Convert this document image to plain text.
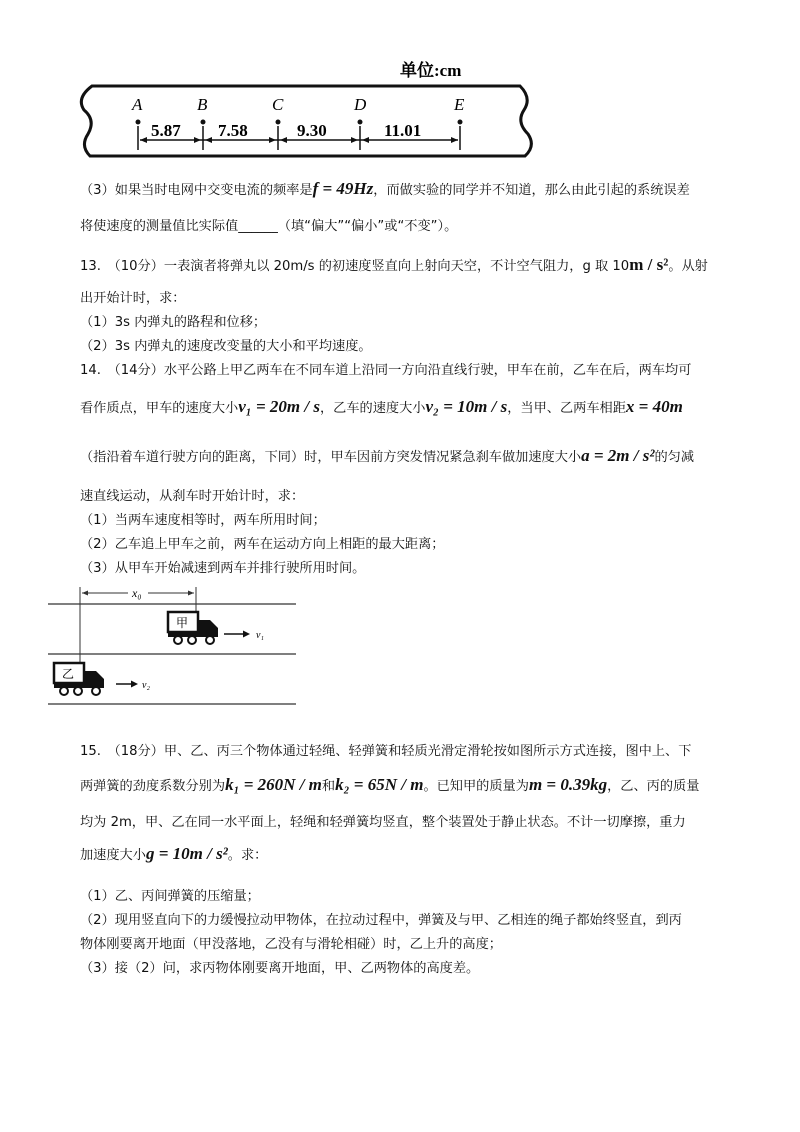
单位:cm
A	B	C	D	E
5.87 7.58	9.30	11.01
（3）如果当时电网中交变电流的频率是f = 49Hz，而做实验的同学并不知道，那么由此引起的系统误差
将使速度的测量值比实际值______（填“偏大”“偏小”或“不变”）。
13.　（10分）一表演者将弹丸以 20m/s 的初速度竖直向上射向天空，不计空气阻力，g 取 10m / s²。从射
出开始计时，求：
（1）3s 内弹丸的路程和位移；
（2）3s 内弹丸的速度改变量的大小和平均速度。
14.　（14分）水平公路上甲乙两车在不同车道上沿同一方向沿直线行驶，甲车在前，乙车在后，两车均可
看作质点，甲车的速度大小v₁ = 20m / s，乙车的速度大小v₂ = 10m / s，当甲、乙两车相距x = 40m
（指沿着车道行驶方向的距离，下同）时，甲车因前方突发情况紧急刹车做加速度大小a = 2m / s²的匀减
速直线运动，从刹车时开始计时，求：
（1）当两车速度相等时，两车所用时间；
（2）乙车追上甲车之前，两车在运动方向上相距的最大距离；
（3）从甲车开始减速到两车并排行驶所用时间。
x₀
甲
v₁
乙
v₂
15.　（18分）甲、乙、丙三个物体通过轻绳、轻弹簧和轻质光滑定滑轮按如图所示方式连接，图中上、下
两弹簧的劲度系数分别为k₁ = 260N / m和k₂ = 65N / m。已知甲的质量为m = 0.39kg，乙、丙的质量
均为 2m，甲、乙在同一水平面上，轻绳和轻弹簧均竖直，整个装置处于静止状态。不计一切摩擦，重力
加速度大小g = 10m / s²。求：
（1）乙、丙间弹簧的压缩量；
（2）现用竖直向下的力缓慢拉动甲物体，在拉动过程中，弹簧及与甲、乙相连的绳子都始终竖直，到丙
物体刚要离开地面（甲没落地，乙没有与滑轮相碰）时，乙上升的高度；
（3）接（2）问，求丙物体刚要离开地面，甲、乙两物体的高度差。
